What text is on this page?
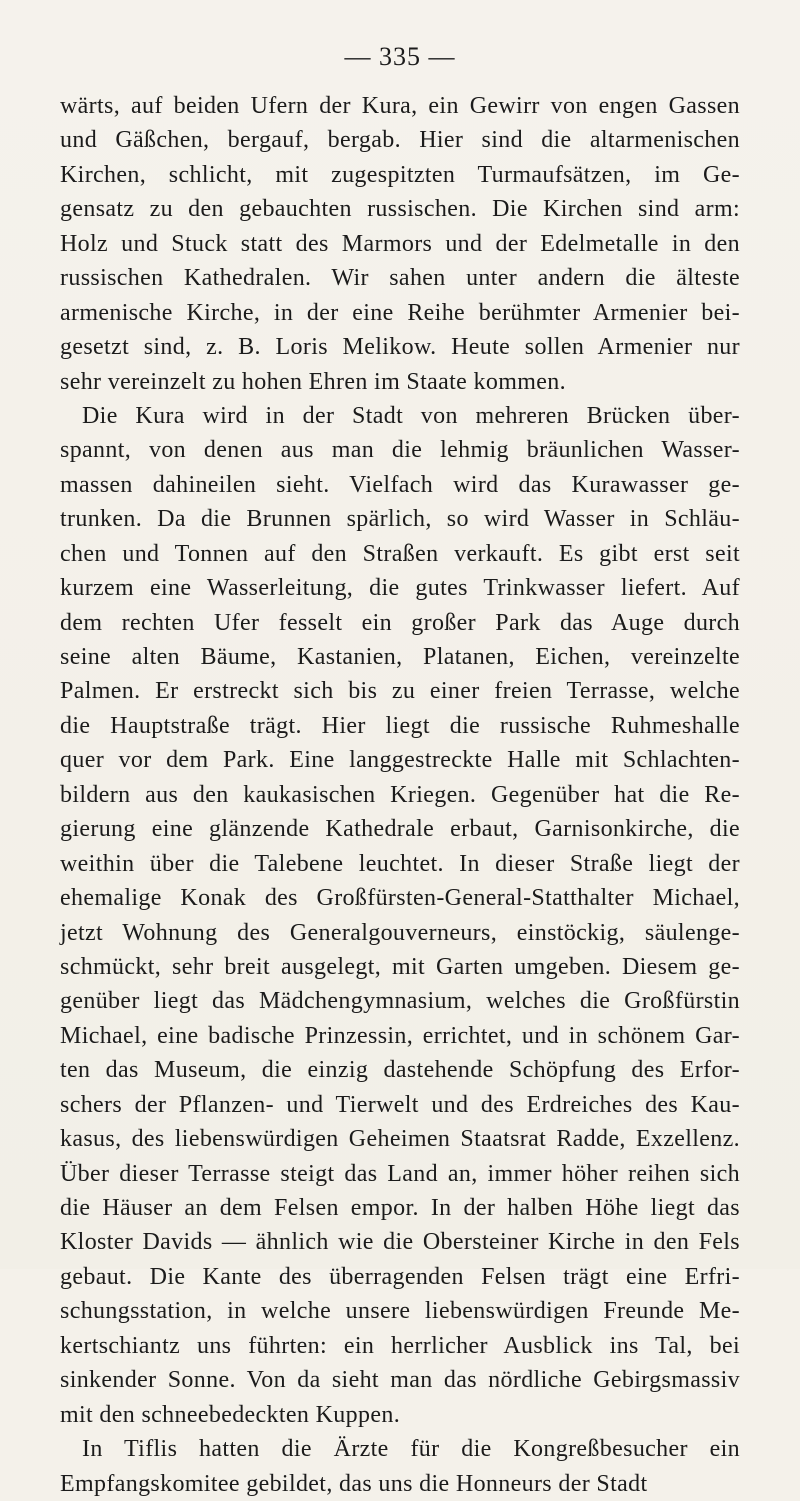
— 335 —
wärts, auf beiden Ufern der Kura, ein Gewirr von engen Gassen
und Gäßchen, bergauf, bergab. Hier sind die altarmenischen
Kirchen, schlicht, mit zugespitzten Turmaufsätzen, im Ge-
gensatz zu den gebauchten russischen. Die Kirchen sind arm:
Holz und Stuck statt des Marmors und der Edelmetalle in den
russischen Kathedralen. Wir sahen unter andern die älteste
armenische Kirche, in der eine Reihe berühmter Armenier bei-
gesetzt sind, z. B. Loris Melikow. Heute sollen Armenier nur
sehr vereinzelt zu hohen Ehren im Staate kommen.
Die Kura wird in der Stadt von mehreren Brücken über-
spannt, von denen aus man die lehmig bräunlichen Wasser-
massen dahineilen sieht. Vielfach wird das Kurawasser ge-
trunken. Da die Brunnen spärlich, so wird Wasser in Schläu-
chen und Tonnen auf den Straßen verkauft. Es gibt erst seit
kurzem eine Wasserleitung, die gutes Trinkwasser liefert. Auf
dem rechten Ufer fesselt ein großer Park das Auge durch
seine alten Bäume, Kastanien, Platanen, Eichen, vereinzelte
Palmen. Er erstreckt sich bis zu einer freien Terrasse, welche
die Hauptstraße trägt. Hier liegt die russische Ruhmeshalle
quer vor dem Park. Eine langgestreckte Halle mit Schlachten-
bildern aus den kaukasischen Kriegen. Gegenüber hat die Re-
gierung eine glänzende Kathedrale erbaut, Garnisonkirche, die
weithin über die Talebene leuchtet. In dieser Straße liegt der
ehemalige Konak des Großfürsten-General-Statthalter Michael,
jetzt Wohnung des Generalgouverneurs, einstöckig, säulenge-
schmückt, sehr breit ausgelegt, mit Garten umgeben. Diesem ge-
genüber liegt das Mädchengymnasium, welches die Großfürstin
Michael, eine badische Prinzessin, errichtet, und in schönem Gar-
ten das Museum, die einzig dastehende Schöpfung des Erfor-
schers der Pflanzen- und Tierwelt und des Erdreiches des Kau-
kasus, des liebenswürdigen Geheimen Staatsrat Radde, Exzellenz.
Über dieser Terrasse steigt das Land an, immer höher reihen sich
die Häuser an dem Felsen empor. In der halben Höhe liegt das
Kloster Davids — ähnlich wie die Obersteiner Kirche in den Fels
gebaut. Die Kante des überragenden Felsen trägt eine Erfri-
schungsstation, in welche unsere liebenswürdigen Freunde Me-
kertschiantz uns führten: ein herrlicher Ausblick ins Tal, bei
sinkender Sonne. Von da sieht man das nördliche Gebirgsmassiv
mit den schneebedeckten Kuppen.
In Tiflis hatten die Ärzte für die Kongreßbesucher ein
Empfangskomitee gebildet, das uns die Honneurs der Stadt
